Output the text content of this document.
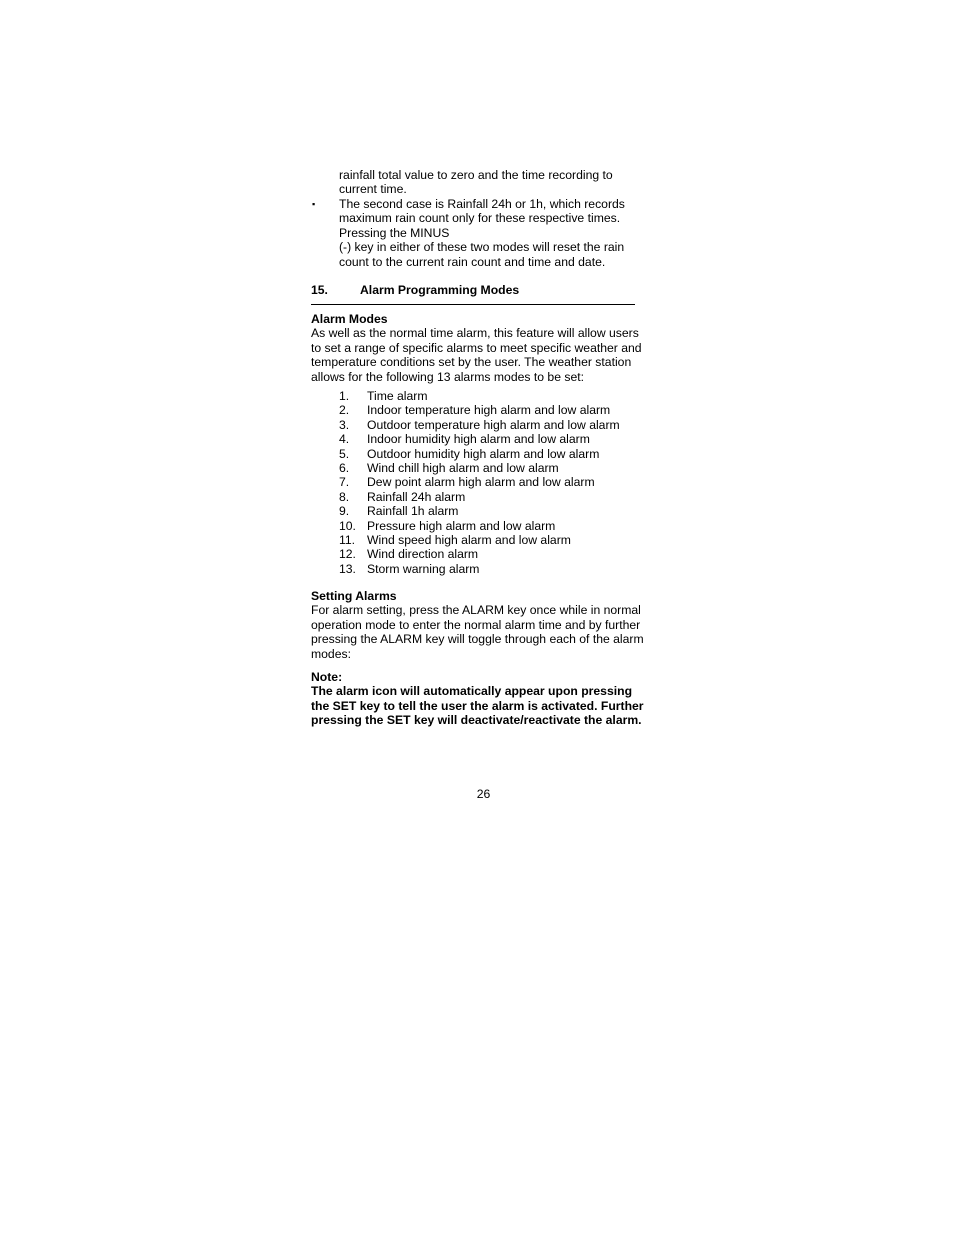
rainfall total value to zero and the time recording to
current time.
▪ The second case is Rainfall 24h or 1h, which records
maximum rain count only for these respective times.
Pressing the MINUS
(-) key in either of these two modes will reset the rain
count to the current rain count and time and date.
15.	Alarm Programming Modes
Alarm Modes
As well as the normal time alarm, this feature will allow users
to set a range of specific alarms to meet specific weather and
temperature conditions set by the user. The weather station
allows for the following 13 alarms modes to be set:
1. Time alarm
2. Indoor temperature high alarm and low alarm
3. Outdoor temperature high alarm and low alarm
4. Indoor humidity high alarm and low alarm
5. Outdoor humidity high alarm and low alarm
6. Wind chill high alarm and low alarm
7. Dew point alarm high alarm and low alarm
8. Rainfall 24h alarm
9. Rainfall 1h alarm
10. Pressure high alarm and low alarm
11. Wind speed high alarm and low alarm
12. Wind direction alarm
13. Storm warning alarm
Setting Alarms
For alarm setting, press the ALARM key once while in normal
operation mode to enter the normal alarm time and by further
pressing the ALARM key will toggle through each of the alarm
modes:
Note:
The alarm icon will automatically appear upon pressing
the SET key to tell the user the alarm is activated. Further
pressing the SET key will deactivate/reactivate the alarm.
26
